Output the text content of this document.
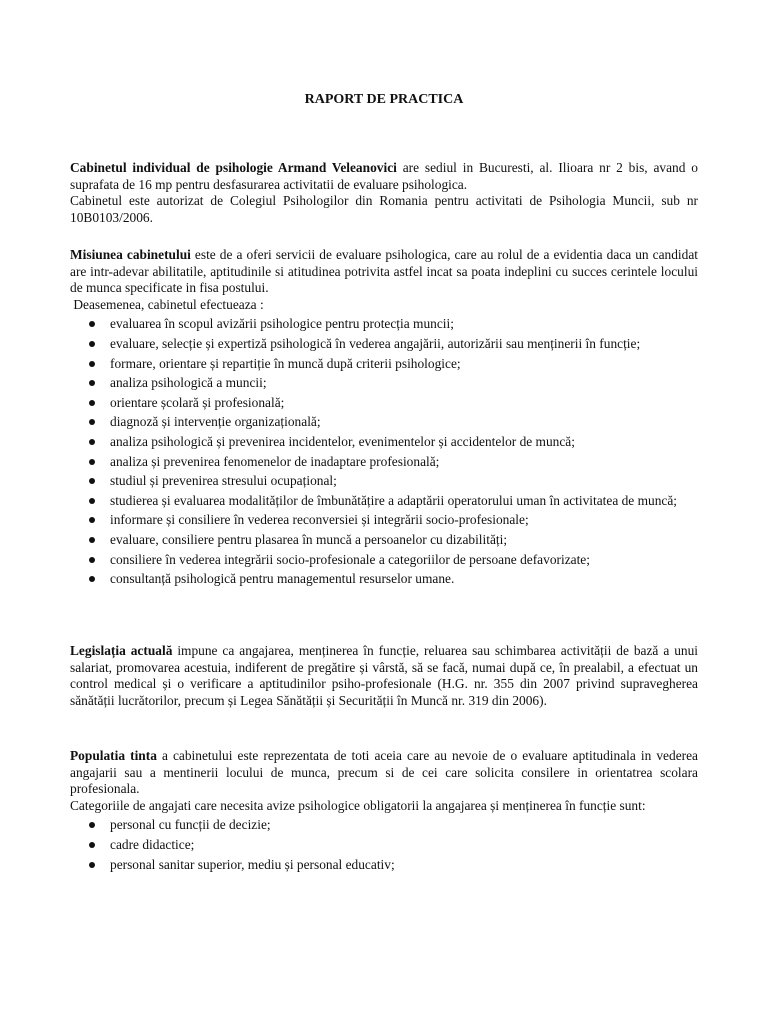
RAPORT DE PRACTICA

Cabinetul individual de psihologie Armand Veleanovici are sediul in Bucuresti, al. Ilioara nr 2 bis, avand o suprafata de 16 mp pentru desfasurarea activitatii de evaluare psihologica.

Cabinetul este autorizat de Colegiul Psihologilor din Romania pentru activitati de Psihologia Muncii, sub nr 10B0103/2006.

Misiunea cabinetului este de a oferi servicii de evaluare psihologica, care au rolul de a evidentia daca un candidat are intr-adevar abilitatile, aptitudinile si atitudinea potrivita astfel incat sa poata indeplini cu succes cerintele locului de munca specificate in fisa postului.

Deasemenea, cabinetul efectueaza :

evaluarea în scopul avizării psihologice pentru protecția muncii;
evaluare, selecție și expertiză psihologică în vederea angajării, autorizării sau menținerii în funcție;
formare, orientare și repartiție în muncă după criterii psihologice;
analiza psihologică a muncii;
orientare școlară și profesională;
diagnoză și intervenție organizațională;
analiza psihologică și prevenirea incidentelor, evenimentelor și accidentelor de muncă;
analiza și prevenirea fenomenelor de inadaptare profesională;
studiul și prevenirea stresului ocupațional;
studierea și evaluarea modalităților de îmbunătățire a adaptării operatorului uman în activitatea de muncă;
informare și consiliere în vederea reconversiei și integrării socio-profesionale;
evaluare, consiliere pentru plasarea în muncă a persoanelor cu dizabilități;
consiliere în vederea integrării socio-profesionale a categoriilor de persoane defavorizate;
consultanță psihologică pentru managementul resurselor umane.

Legislația actuală impune ca angajarea, menținerea în funcție, reluarea sau schimbarea activității de bază a unui salariat, promovarea acestuia, indiferent de pregătire și vârstă, să se facă, numai după ce, în prealabil, a efectuat un control medical și o verificare a aptitudinilor psiho-profesionale (H.G. nr. 355 din 2007 privind supravegherea sănătății lucrătorilor, precum și Legea Sănătății și Securității în Muncă nr. 319 din 2006).

Populatia tinta a cabinetului este reprezentata de toti aceia care au nevoie de o evaluare aptitudinala in vederea angajarii sau a mentinerii locului de munca, precum si de cei care solicita consilere in orientatrea scolara profesionala.

Categoriile de angajati care necesita avize psihologice obligatorii la angajarea și menținerea în funcție sunt:

personal cu funcții de decizie;
cadre didactice;
personal sanitar superior, mediu și personal educativ;
